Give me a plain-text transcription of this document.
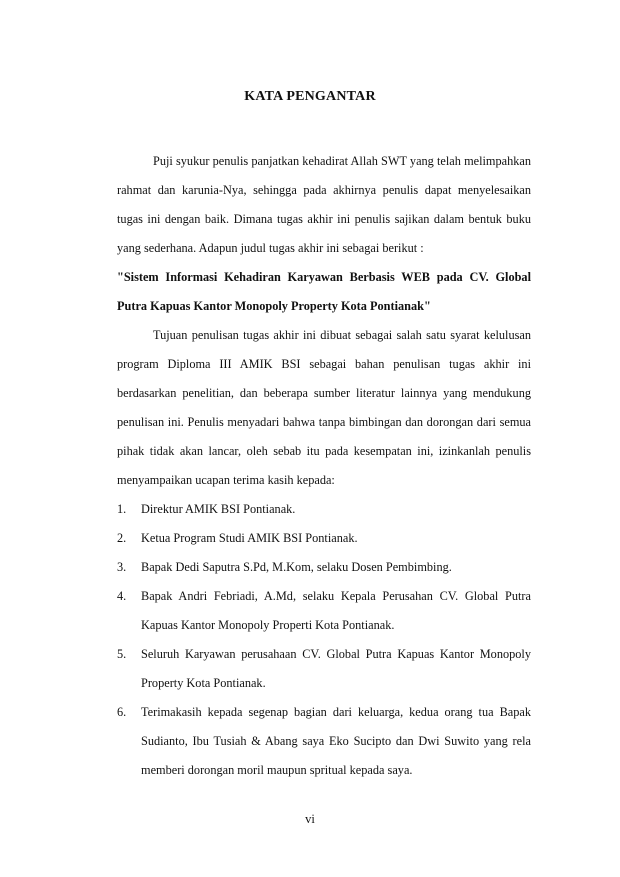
KATA PENGANTAR

Puji syukur penulis panjatkan kehadirat Allah SWT yang telah melimpahkan rahmat dan karunia-Nya, sehingga pada akhirnya penulis dapat menyelesaikan tugas ini dengan baik. Dimana tugas akhir ini penulis sajikan dalam bentuk buku yang sederhana. Adapun judul tugas akhir ini sebagai berikut :

"Sistem Informasi Kehadiran Karyawan Berbasis WEB pada CV. Global Putra Kapuas Kantor Monopoly Property Kota Pontianak"

Tujuan penulisan tugas akhir ini dibuat sebagai salah satu syarat kelulusan program Diploma III AMIK BSI sebagai bahan penulisan tugas akhir ini berdasarkan penelitian, dan beberapa sumber literatur lainnya yang mendukung penulisan ini. Penulis menyadari bahwa tanpa bimbingan dan dorongan dari semua pihak tidak akan lancar, oleh sebab itu pada kesempatan ini, izinkanlah penulis menyampaikan ucapan terima kasih kepada:

1. Direktur AMIK BSI Pontianak.
2. Ketua Program Studi AMIK BSI Pontianak.
3. Bapak Dedi Saputra S.Pd, M.Kom, selaku Dosen Pembimbing.
4. Bapak Andri Febriadi, A.Md, selaku Kepala Perusahan CV. Global Putra Kapuas Kantor Monopoly Properti Kota Pontianak.
5. Seluruh Karyawan perusahaan CV. Global Putra Kapuas Kantor Monopoly Property Kota Pontianak.
6. Terimakasih kepada segenap bagian dari keluarga, kedua orang tua Bapak Sudianto, Ibu Tusiah & Abang saya Eko Sucipto dan Dwi Suwito yang rela memberi dorongan moril maupun spritual kepada saya.
vi
